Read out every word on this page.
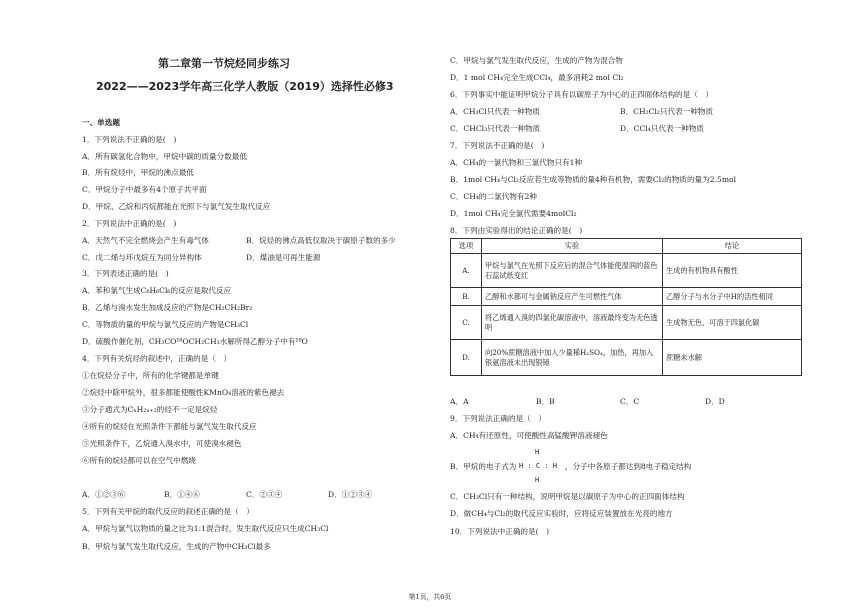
第二章第一节烷烃同步练习
2022——2023学年高三化学人教版（2019）选择性必修3
一、单选题
1．下列说法不正确的是(　)
A．所有碳氢化合物中，甲烷中碳的质量分数最低
B．所有烷烃中，甲烷的沸点最低
C．甲烷分子中最多有4个原子共平面
D．甲烷、乙烷和丙烷都能在光照下与氯气发生取代反应
2．下列说法中正确的是(　)
A．天然气不完全燃烧会产生有毒气体	B．烷烃的沸点高低仅取决于碳原子数的多少
C．戊二烯与环戊烷互为同分异构体	D．煤油是可再生能源
3．下列表述正确的是(　)
A．苯和氯气生成C₆H₆Cl₆的反应是取代反应
B．乙烯与溴水发生加成反应的产物是CH₂CH₂Br₂
C．等物质的量的甲烷与氯气反应的产物是CH₃Cl
D．硫酸作催化剂，CH₃CO¹⁸OCH₂CH₃水解所得乙醇分子中有¹⁸O
4．下列有关烷烃的叙述中，正确的是（　）
①在烷烃分子中，所有的化学键都是单键
②烷烃中除甲烷外，很多都能使酸性KMnO₄溶液的紫色褪去
③分子通式为CₙH₂ₙ₊₂的烃不一定是烷烃
④所有的烷烃在光照条件下都能与氯气发生取代反应
⑤光照条件下，乙烷通入溴水中，可使溴水褪色
⑥所有的烷烃都可以在空气中燃烧
A．①②③⑥	B．①④⑥	C．②③④	D．①②③④
5．下列有关甲烷的取代反应的叙述正确的是（　）
A．甲烷与氯气以物质的量之比为1:1混合时，发生取代反应只生成CH₃Cl
B．甲烷与氯气发生取代反应，生成的产物中CH₃Cl最多
C．甲烷与氯气发生取代反应，生成的产物为混合物
D．1 mol CH₄完全生成CCl₄，最多消耗2 mol Cl₂
6．下列事实中能证明甲烷分子具有以碳原子为中心的正四面体结构的是（　）
A．CH₃Cl只代表一种物质	B．CH₂Cl₂只代表一种物质
C．CHCl₃只代表一种物质	D．CCl₄只代表一种物质
7．下列说法不正确的是(　)
A．CH₄的一氯代物和三氯代物只有1种
B．1mol CH₄与Cl₂反应若生成等物质的量4种有机物，需要Cl₂的物质的量为2.5mol
C．CH₄的二氯代物有2种
D．1mol CH₄完全氯代需要4molCl₂
8．下列由实验得出的结论正确的是(　)
选项	实验	结论
A.	甲烷与氯气在光照下反应后的混合气体能使湿润的蓝色石蕊试纸变红	生成的有机物具有酸性
B.	乙醇和水都可与金属钠反应产生可燃性气体	乙醇分子与水分子中H的活性相同
C.	将乙烯通入溴的四氯化碳溶液中，溶液最终变为无色透明	生成物无色，可溶于四氯化碳
D.	向20%蔗糖溶液中加入少量稀H₂SO₄，加热，再加入银氨溶液未出现银镜	蔗糖未水解
A．A	B．B	C．C	D．D
9．下列说法正确的是（　）
A．CH₄有还原性，可使酸性高锰酸钾溶液褪色
B．甲烷的电子式为
H
H : C : H
H
，分子中各原子都达到8电子稳定结构
C．CH₃Cl只有一种结构，说明甲烷是以碳原子为中心的正四面体结构
D．做CH₄与Cl₂的取代反应实验时，应将反应装置放在光亮的地方
10．下列说法中正确的是(　)
第1页，共6页
